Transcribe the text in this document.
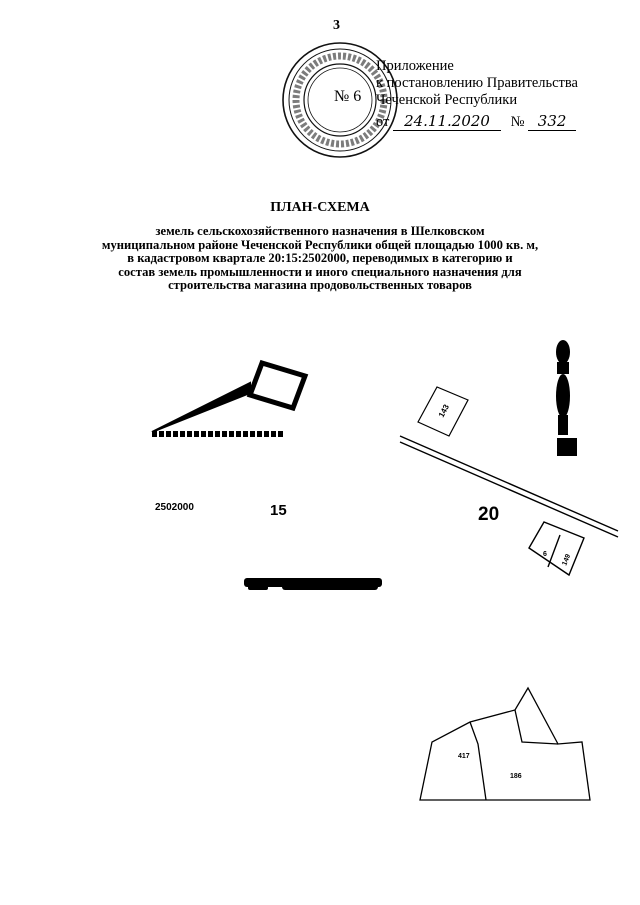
3
№ 6
Приложение
к постановлению Правительства
Чеченской Республики
от 24.11.2020 № 332
ПЛАН-СХЕМА
земель сельскохозяйственного назначения в Шелковском
муниципальном районе Чеченской Республики общей площадью 1000 кв. м,
в кадастровом квартале 20:15:2502000, переводимых в категорию и
состав земель промышленности и иного специального назначения для
строительства магазина продовольственных товаров
2502000	15	20
143
6 149
417
186
